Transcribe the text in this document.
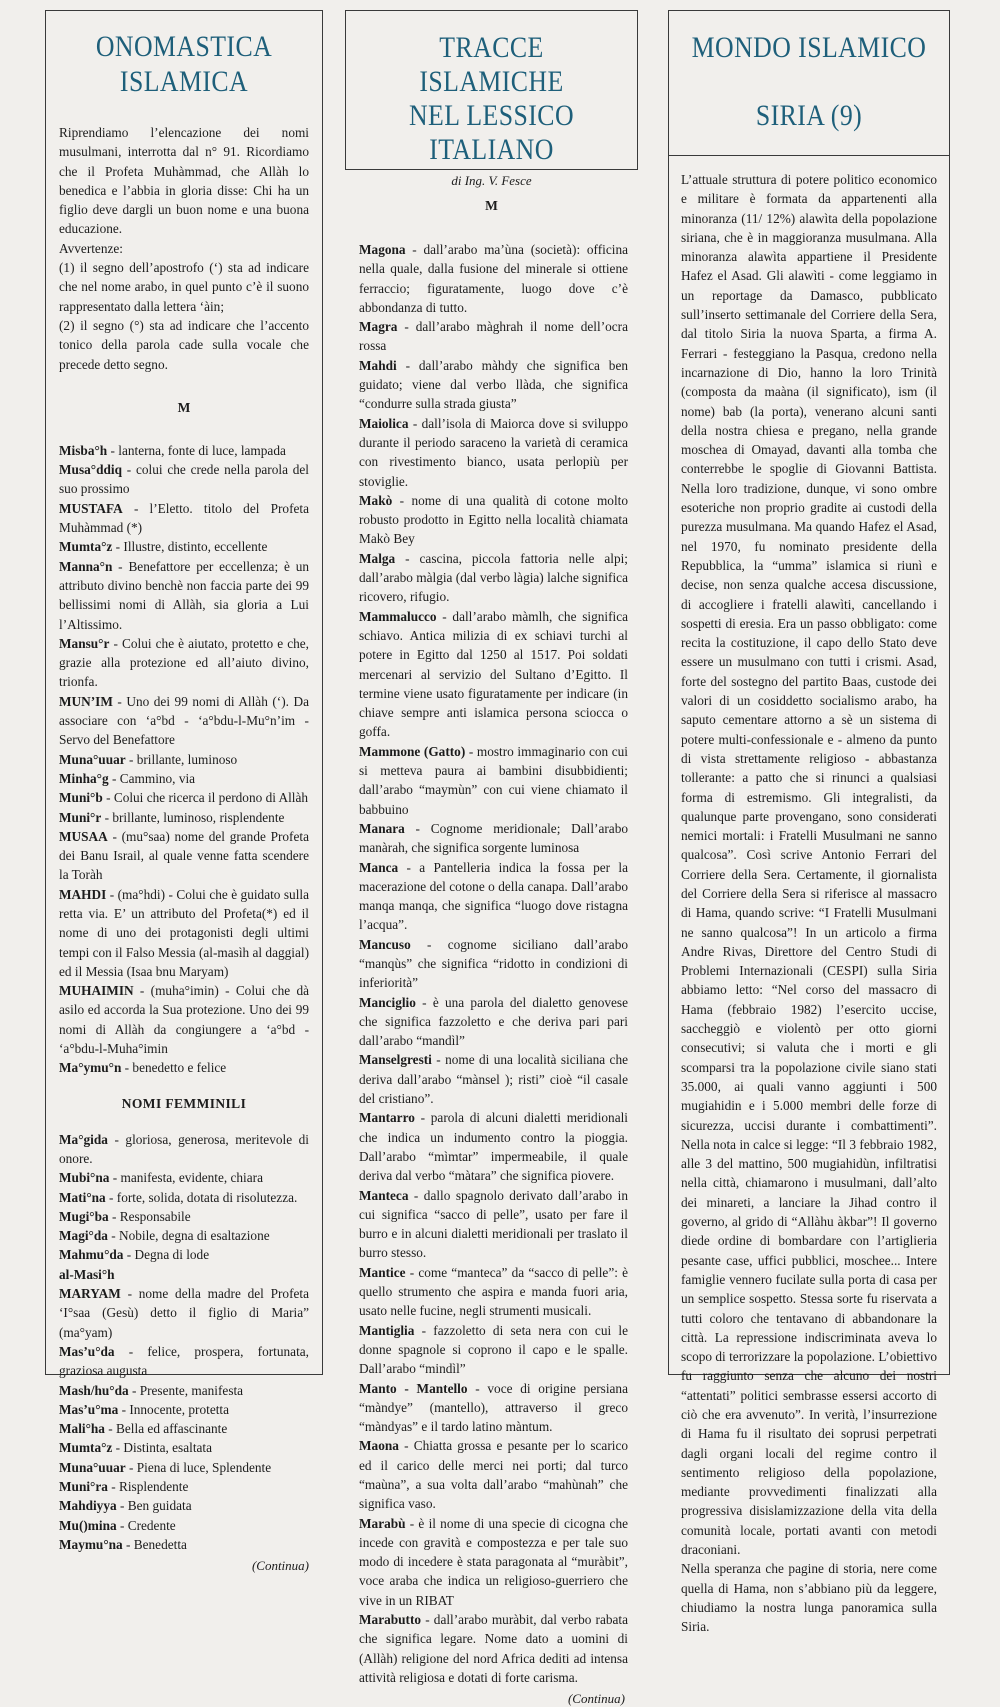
ONOMASTICA
ISLAMICA

Riprendiamo l’elencazione dei nomi musulmani, interrotta dal n° 91. Ricordiamo che il Profeta Muhàmmad, che Allàh lo benedica e l’abbia in gloria disse: Chi ha un figlio deve dargli un buon nome e una buona educazione.

Avvertenze:

(1) il segno dell’apostrofo (‘) sta ad indicare che nel nome arabo, in quel punto c’è il suono rappresentato dalla lettera ‘àin;

(2) il segno (°) sta ad indicare che l’accento tonico della parola cade sulla vocale che precede detto segno.

M

Misba°h - lanterna, fonte di luce, lampada

Musa°ddiq - colui che crede nella parola del suo prossimo

MUSTAFA - l’Eletto. titolo del Profeta Muhàmmad (*)

Mumta°z - Illustre, distinto, eccellente

Manna°n - Benefattore per eccellenza; è un attributo divino benchè non faccia parte dei 99 bellissimi nomi di Allàh, sia gloria a Lui l’Altissimo.

Mansu°r - Colui che è aiutato, protetto e che, grazie alla protezione ed all’aiuto divino, trionfa.

MUN’IM - Uno dei 99 nomi di Allàh (‘). Da associare con ‘a°bd - ‘a°bdu-l-Mu°n’im - Servo del Benefattore

Muna°uuar - brillante, luminoso

Minha°g - Cammino, via

Muni°b - Colui che ricerca il perdono di Allàh

Muni°r - brillante, luminoso, risplendente

MUSAA - (mu°saa) nome del grande Profeta dei Banu Israil, al quale venne fatta scendere la Toràh

MAHDI - (ma°hdi) - Colui che è guidato sulla retta via. E’ un attributo del Profeta(*) ed il nome di uno dei protagonisti degli ultimi tempi con il Falso Messia (al-masìh al daggial) ed il Messia (Isaa bnu Maryam)

MUHAIMIN - (muha°imin) - Colui che dà asilo ed accorda la Sua protezione. Uno dei 99 nomi di Allàh da congiungere a ‘a°bd - ‘a°bdu-l-Muha°imin

Ma°ymu°n - benedetto e felice

NOMI FEMMINILI

Ma°gida - gloriosa, generosa, meritevole di onore.

Mubi°na - manifesta, evidente, chiara

Mati°na - forte, solida, dotata di risolutezza.

Mugi°ba - Responsabile

Magi°da - Nobile, degna di esaltazione

Mahmu°da - Degna di lode

al-Masi°h

MARYAM - nome della madre del Profeta ‘I°saa (Gesù) detto il figlio di Maria” (ma°yam)

Mas’u°da - felice, prospera, fortunata, graziosa augusta

Mash/hu°da - Presente, manifesta

Mas’u°ma - Innocente, protetta

Mali°ha - Bella ed affascinante

Mumta°z - Distinta, esaltata

Muna°uuar - Piena di luce, Splendente

Muni°ra - Risplendente

Mahdiyya - Ben guidata

Mu()mina - Credente

Maymu°na - Benedetta

(Continua)
TRACCE ISLAMICHE
NEL LESSICO
ITALIANO
di Ing. V. Fesce
M

Magona - dall’arabo ma’ùna (società): officina nella quale, dalla fusione del minerale si ottiene ferraccio; figuratamente, luogo dove c’è abbondanza di tutto.

Magra - dall’arabo màghrah il nome dell’ocra rossa

Mahdi - dall’arabo màhdy che significa ben guidato; viene dal verbo llàda, che significa “condurre sulla strada giusta”

Maiolica - dall’isola di Maiorca dove si sviluppo durante il periodo saraceno la varietà di ceramica con rivestimento bianco, usata perlopiù per stoviglie.

Makò - nome di una qualità di cotone molto robusto prodotto in Egitto nella località chiamata Makò Bey

Malga - cascina, piccola fattoria nelle alpi; dall’arabo màlgia (dal verbo làgia) lalche significa ricovero, rifugio.

Mammalucco - dall’arabo màmlh, che significa schiavo. Antica milizia di ex schiavi turchi al potere in Egitto dal 1250 al 1517. Poi soldati mercenari al servizio del Sultano d’Egitto. Il termine viene usato figuratamente per indicare (in chiave sempre anti islamica persona sciocca o goffa.

Mammone (Gatto) - mostro immaginario con cui si metteva paura ai bambini disubbidienti; dall’arabo “maymùn” con cui viene chiamato il babbuino

Manara - Cognome meridionale; Dall’arabo manàrah, che significa sorgente luminosa

Manca - a Pantelleria indica la fossa per la macerazione del cotone o della canapa. Dall’arabo manqa manqa, che significa “luogo dove ristagna l’acqua”.

Mancuso - cognome siciliano dall’arabo “manqùs” che significa “ridotto in condizioni di inferiorità”

Manciglio - è una parola del dialetto genovese che significa fazzoletto e che deriva pari pari dall’arabo “mandìl”

Manselgresti - nome di una località siciliana che deriva dall’arabo “mànsel ); risti” cioè “il casale del cristiano”.

Mantarro - parola di alcuni dialetti meridionali che indica un indumento contro la pioggia. Dall’arabo “mìmtar” impermeabile, il quale deriva dal verbo “màtara” che significa piovere.

Manteca - dallo spagnolo derivato dall’arabo in cui significa “sacco di pelle”, usato per fare il burro e in alcuni dialetti meridionali per traslato il burro stesso.

Mantice - come “manteca” da “sacco di pelle”: è quello strumento che aspira e manda fuori aria, usato nelle fucine, negli strumenti musicali.

Mantiglia - fazzoletto di seta nera con cui le donne spagnole si coprono il capo e le spalle. Dall’arabo “mindìl”

Manto - Mantello - voce di origine persiana “màndye” (mantello), attraverso il greco “màndyas” e il tardo latino màntum.

Maona - Chiatta grossa e pesante per lo scarico ed il carico delle merci nei porti; dal turco “maùna”, a sua volta dall’arabo “mahùnah” che significa vaso.

Marabù - è il nome di una specie di cicogna che incede con gravità e compostezza e per tale suo modo di incedere è stata paragonata al “muràbit”, voce araba che indica un religioso-guerriero che vive in un RIBAT

Marabutto - dall’arabo muràbit, dal verbo rabata che significa legare. Nome dato a uomini di (Allàh) religione del nord Africa dediti ad intensa attività religiosa e dotati di forte carisma.

(Continua)
MONDO ISLAMICO
SIRIA (9)

L’attuale struttura di potere politico economico e militare è formata da appartenenti alla minoranza (11/ 12%) alawìta della popolazione siriana, che è in maggioranza musulmana. Alla minoranza alawìta appartiene il Presidente Hafez el Asad. Gli alawìti - come leggiamo in un reportage da Damasco, pubblicato sull’inserto settimanale del Corriere della Sera, dal titolo Siria la nuova Sparta, a firma A. Ferrari - festeggiano la Pasqua, credono nella incarnazione di Dio, hanno la loro Trinità (composta da maàna (il significato), ism (il nome) bab (la porta), venerano alcuni santi della nostra chiesa e pregano, nella grande moschea di Omayad, davanti alla tomba che conterrebbe le spoglie di Giovanni Battista. Nella loro tradizione, dunque, vi sono ombre esoteriche non proprio gradite ai custodi della purezza musulmana. Ma quando Hafez el Asad, nel 1970, fu nominato presidente della Repubblica, la “umma” islamica si riunì e decise, non senza qualche accesa discussione, di accogliere i fratelli alawìti, cancellando i sospetti di eresia. Era un passo obbligato: come recita la costituzione, il capo dello Stato deve essere un musulmano con tutti i crismi. Asad, forte del sostegno del partito Baas, custode dei valori di un cosiddetto socialismo arabo, ha saputo cementare attorno a sè un sistema di potere multi-confessionale e - almeno da punto di vista strettamente religioso - abbastanza tollerante: a patto che si rinunci a qualsiasi forma di estremismo. Gli integralisti, da qualunque parte provengano, sono considerati nemici mortali: i Fratelli Musulmani ne sanno qualcosa”. Così scrive Antonio Ferrari del Corriere della Sera. Certamente, il giornalista del Corriere della Sera si riferisce al massacro di Hama, quando scrive: “I Fratelli Musulmani ne sanno qualcosa”! In un articolo a firma Andre Rivas, Direttore del Centro Studi di Problemi Internazionali (CESPI) sulla Siria abbiamo letto: “Nel corso del massacro di Hama (febbraio 1982) l’esercito uccise, saccheggiò e violentò per otto giorni consecutivi; si valuta che i morti e gli scomparsi tra la popolazione civile siano stati 35.000, ai quali vanno aggiunti i 500 mugiahidin e i 5.000 membri delle forze di sicurezza, uccisi durante i combattimenti”. Nella nota in calce si legge: “Il 3 febbraio 1982, alle 3 del mattino, 500 mugiahidùn, infiltratisi nella città, chiamarono i musulmani, dall’alto dei minareti, a lanciare la Jihad contro il governo, al grido di “Allàhu àkbar”! Il governo diede ordine di bombardare con l’artiglieria pesante case, uffici pubblici, moschee... Intere famiglie vennero fucilate sulla porta di casa per un semplice sospetto. Stessa sorte fu riservata a tutti coloro che tentavano di abbandonare la città. La repressione indiscriminata aveva lo scopo di terrorizzare la popolazione. L’obiettivo fu raggiunto senza che alcuno dei nostri “attentati” politici sembrasse essersi accorto di ciò che era avvenuto”. In verità, l’insurrezione di Hama fu il risultato dei soprusi perpetrati dagli organi locali del regime contro il sentimento religioso della popolazione, mediante provvedimenti finalizzati alla progressiva disislamizzazione della vita della comunità locale, portati avanti con metodi draconiani.

Nella speranza che pagine di storia, nere come quella di Hama, non s’abbiano più da leggere, chiudiamo la nostra lunga panoramica sulla Siria.
